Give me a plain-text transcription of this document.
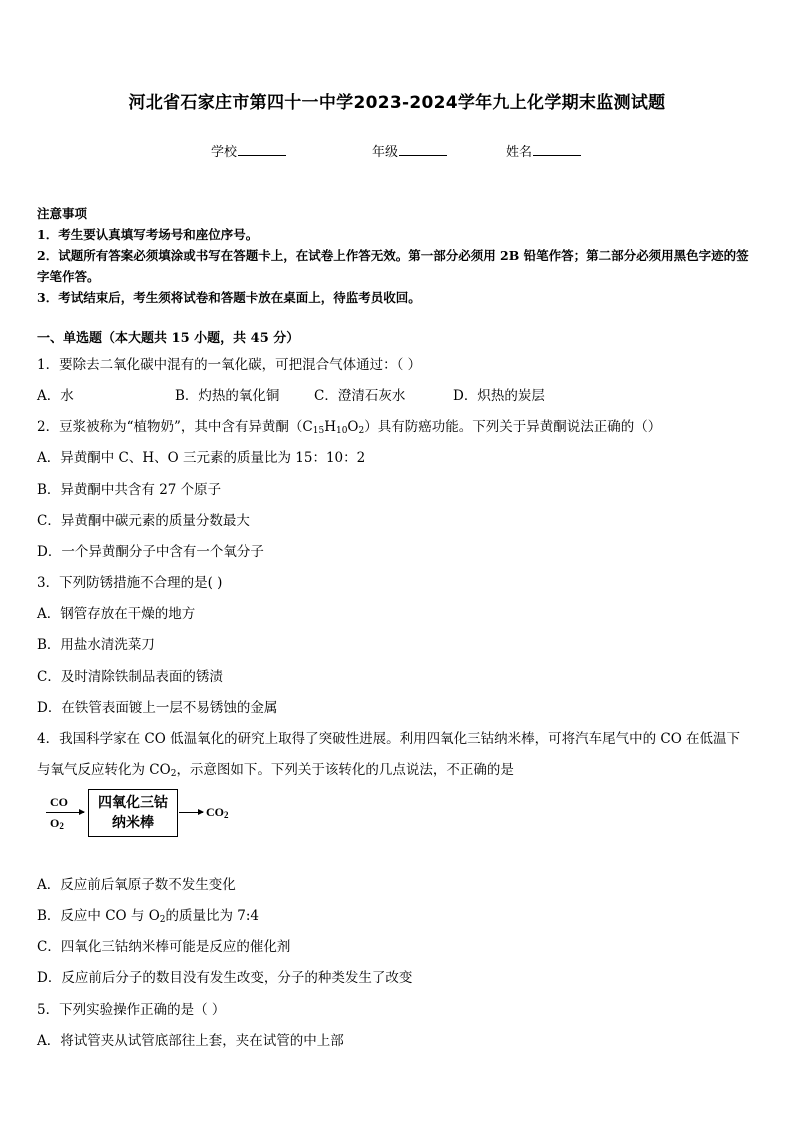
河北省石家庄市第四十一中学2023-2024学年九上化学期末监测试题
学校	年级	姓名
注意事项
1．考生要认真填写考场号和座位序号。
2．试题所有答案必须填涂或书写在答题卡上，在试卷上作答无效。第一部分必须用 2B 铅笔作答；第二部分必须用黑色字迹的签字笔作答。
3．考试结束后，考生须将试卷和答题卡放在桌面上，待监考员收回。
一、单选题（本大题共 15 小题，共 45 分）
1．要除去二氧化碳中混有的一氧化碳，可把混合气体通过：（ ）
A．水	B．灼热的氧化铜	C．澄清石灰水	D．炽热的炭层
2．豆浆被称为“植物奶”，其中含有异黄酮$(C_{15}H_{10}O_2)$具有防癌功能。下列关于异黄酮说法正确的（）
A．异黄酮中 C、H、O 三元素的质量比为 15：10：2
B．异黄酮中共含有 27 个原子
C．异黄酮中碳元素的质量分数最大
D．一个异黄酮分子中含有一个氧分子
3．下列防锈措施不合理的是( )
A．钢管存放在干燥的地方
B．用盐水清洗菜刀
C．及时清除铁制品表面的锈渍
D．在铁管表面镀上一层不易锈蚀的金属
4．我国科学家在 CO 低温氧化的研究上取得了突破性进展。利用四氧化三钴纳米棒，可将汽车尾气中的 CO 在低温下
与氧气反应转化为 $CO_2$，示意图如下。下列关于该转化的几点说法，不正确的是
CO
$O_2$
四氧化三钴
纳米棒
$CO_2$
A．反应前后氧原子数不发生变化
B．反应中 CO 与 $O_2$的质量比为 7:4
C．四氧化三钴纳米棒可能是反应的催化剂
D．反应前后分子的数目没有发生改变，分子的种类发生了改变
5．下列实验操作正确的是（ ）
A．将试管夹从试管底部往上套，夹在试管的中上部
